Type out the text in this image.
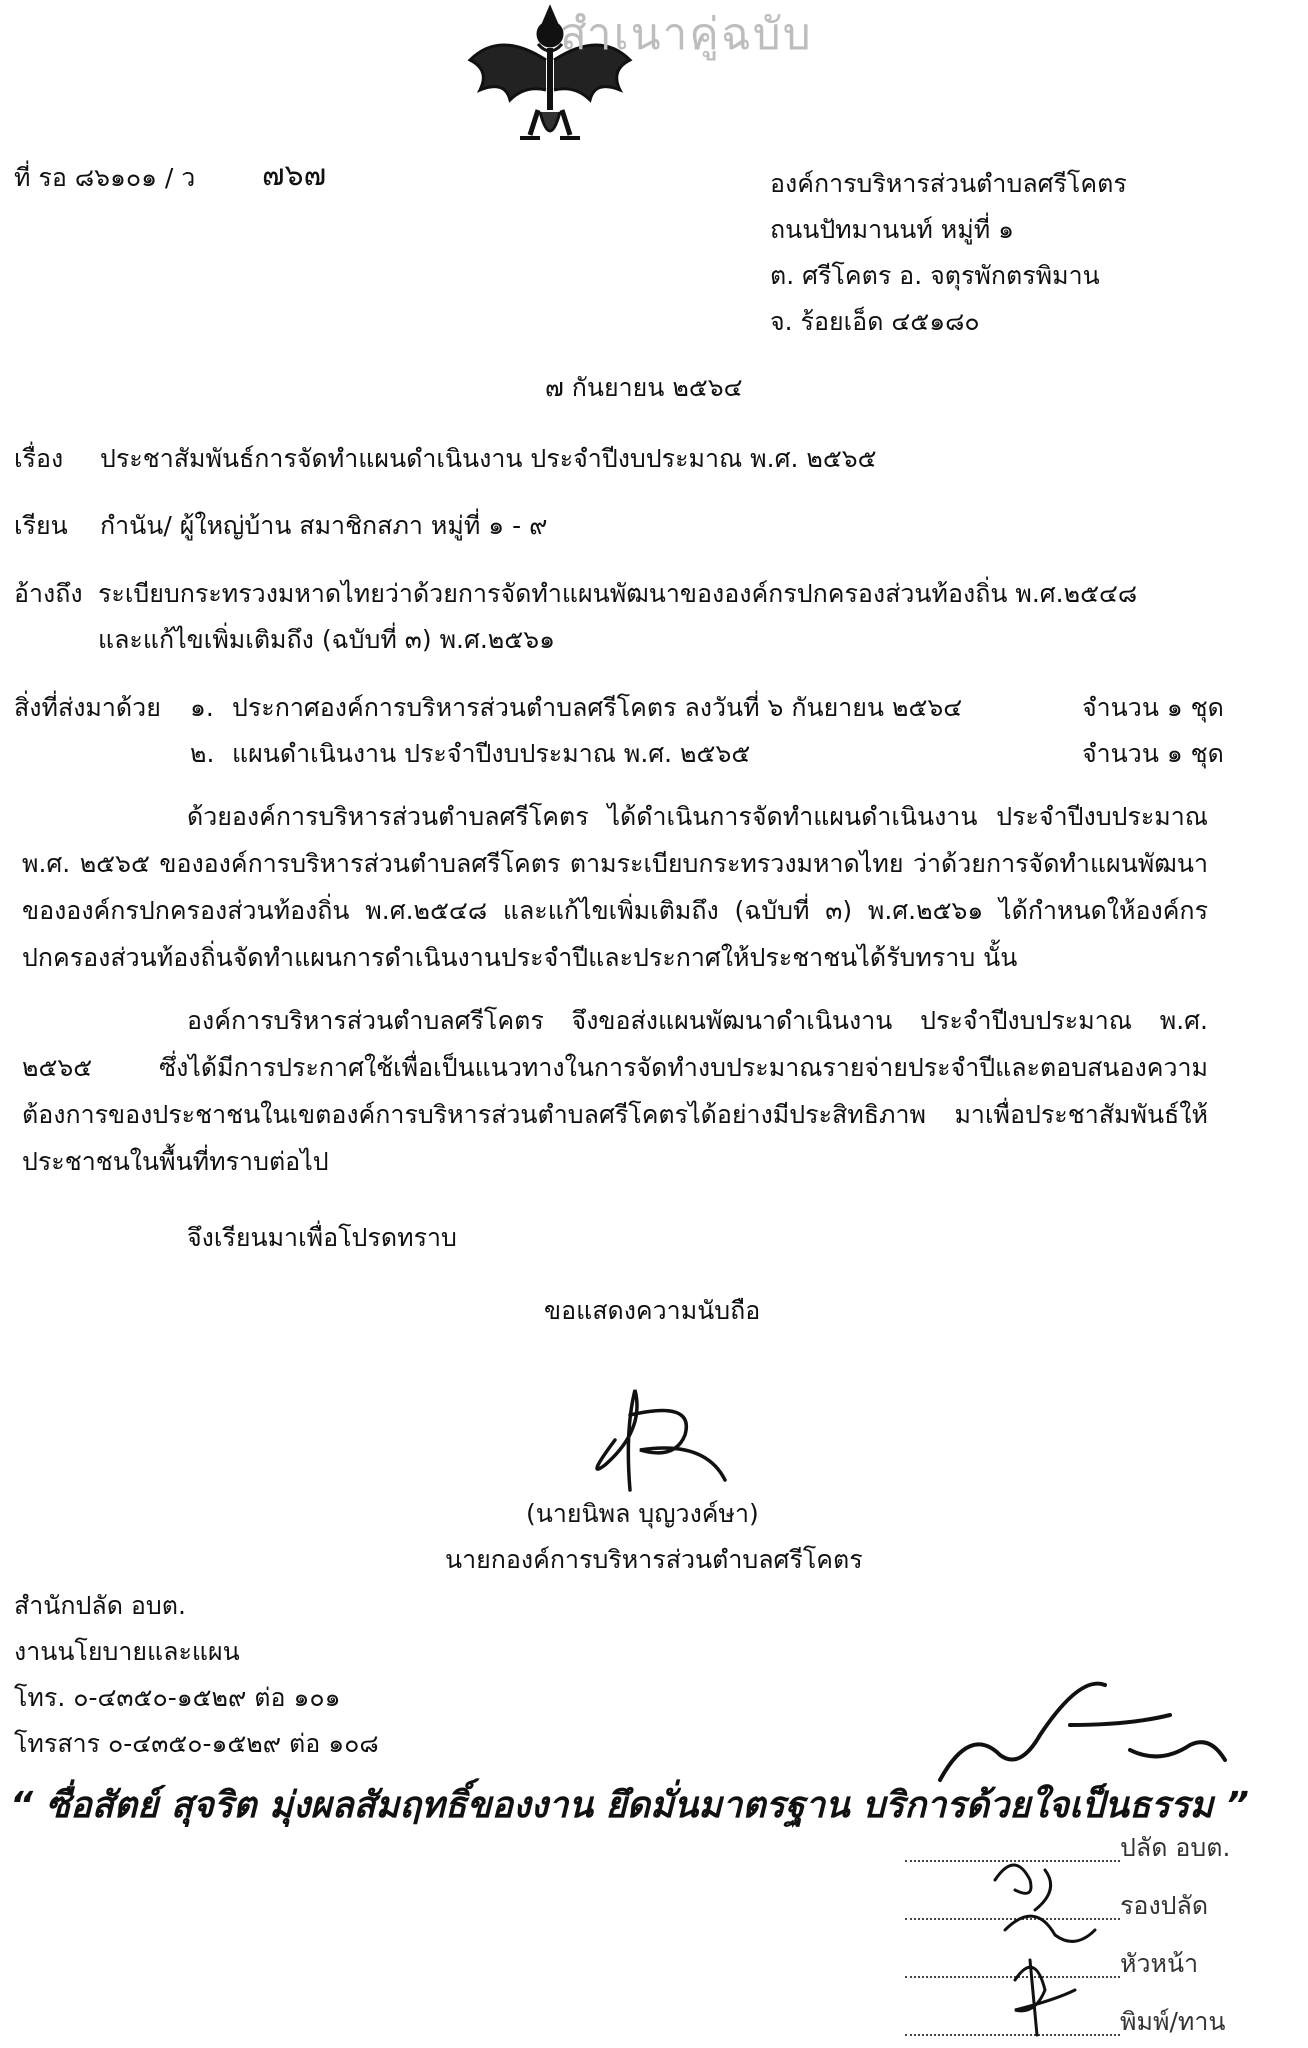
สำเนาคู่ฉบับ
ที่ รอ ๘๖๑๐๑ / ว ๗๖๗	องค์การบริหารส่วนตำบลศรีโคตร
ถนนปัทมานนท์ หมู่ที่ ๑
ต. ศรีโคตร อ. จตุรพักตรพิมาน
จ. ร้อยเอ็ด ๔๕๑๘๐
๗ กันยายน ๒๕๖๔
เรื่อง ประชาสัมพันธ์การจัดทำแผนดำเนินงาน ประจำปีงบประมาณ พ.ศ. ๒๕๖๕
เรียน กำนัน/ ผู้ใหญ่บ้าน สมาชิกสภา หมู่ที่ ๑ - ๙
อ้างถึง ระเบียบกระทรวงมหาดไทยว่าด้วยการจัดทำแผนพัฒนาขององค์กรปกครองส่วนท้องถิ่น พ.ศ.๒๕๔๘
และแก้ไขเพิ่มเติมถึง (ฉบับที่ ๓) พ.ศ.๒๕๖๑
สิ่งที่ส่งมาด้วย ๑. ประกาศองค์การบริหารส่วนตำบลศรีโคตร ลงวันที่ ๖ กันยายน ๒๕๖๔	จำนวน ๑ ชุด
๒. แผนดำเนินงาน ประจำปีงบประมาณ พ.ศ. ๒๕๖๕	จำนวน ๑ ชุด
ด้วยองค์การบริหารส่วนตำบลศรีโคตร ได้ดำเนินการจัดทำแผนดำเนินงาน ประจำปีงบประมาณ พ.ศ. ๒๕๖๕ ขององค์การบริหารส่วนตำบลศรีโคตร ตามระเบียบกระทรวงมหาดไทย ว่าด้วยการจัดทำแผนพัฒนาขององค์กรปกครองส่วนท้องถิ่น พ.ศ.๒๕๔๘ และแก้ไขเพิ่มเติมถึง (ฉบับที่ ๓) พ.ศ.๒๕๖๑ ได้กำหนดให้องค์กรปกครองส่วนท้องถิ่นจัดทำแผนการดำเนินงานประจำปีและประกาศให้ประชาชนได้รับทราบ นั้น
องค์การบริหารส่วนตำบลศรีโคตร จึงขอส่งแผนพัฒนาดำเนินงาน ประจำปีงบประมาณ พ.ศ. ๒๕๖๕ ซึ่งได้มีการประกาศใช้เพื่อเป็นแนวทางในการจัดทำงบประมาณรายจ่ายประจำปีและตอบสนองความต้องการของประชาชนในเขตองค์การบริหารส่วนตำบลศรีโคตรได้อย่างมีประสิทธิภาพ มาเพื่อประชาสัมพันธ์ให้ประชาชนในพื้นที่ทราบต่อไป
จึงเรียนมาเพื่อโปรดทราบ
ขอแสดงความนับถือ
(นายนิพล บุญวงค์ษา)
นายกองค์การบริหารส่วนตำบลศรีโคตร
สำนักปลัด อบต.
งานนโยบายและแผน
โทร. ๐-๔๓๕๐-๑๕๒๙ ต่อ ๑๐๑
โทรสาร ๐-๔๓๕๐-๑๕๒๙ ต่อ ๑๐๘
“ ซื่อสัตย์ สุจริต มุ่งผลสัมฤทธิ์ของงาน ยึดมั่นมาตรฐาน บริการด้วยใจเป็นธรรม ”
ปลัด อบต.
รองปลัด
หัวหน้า
พิมพ์/ทาน
